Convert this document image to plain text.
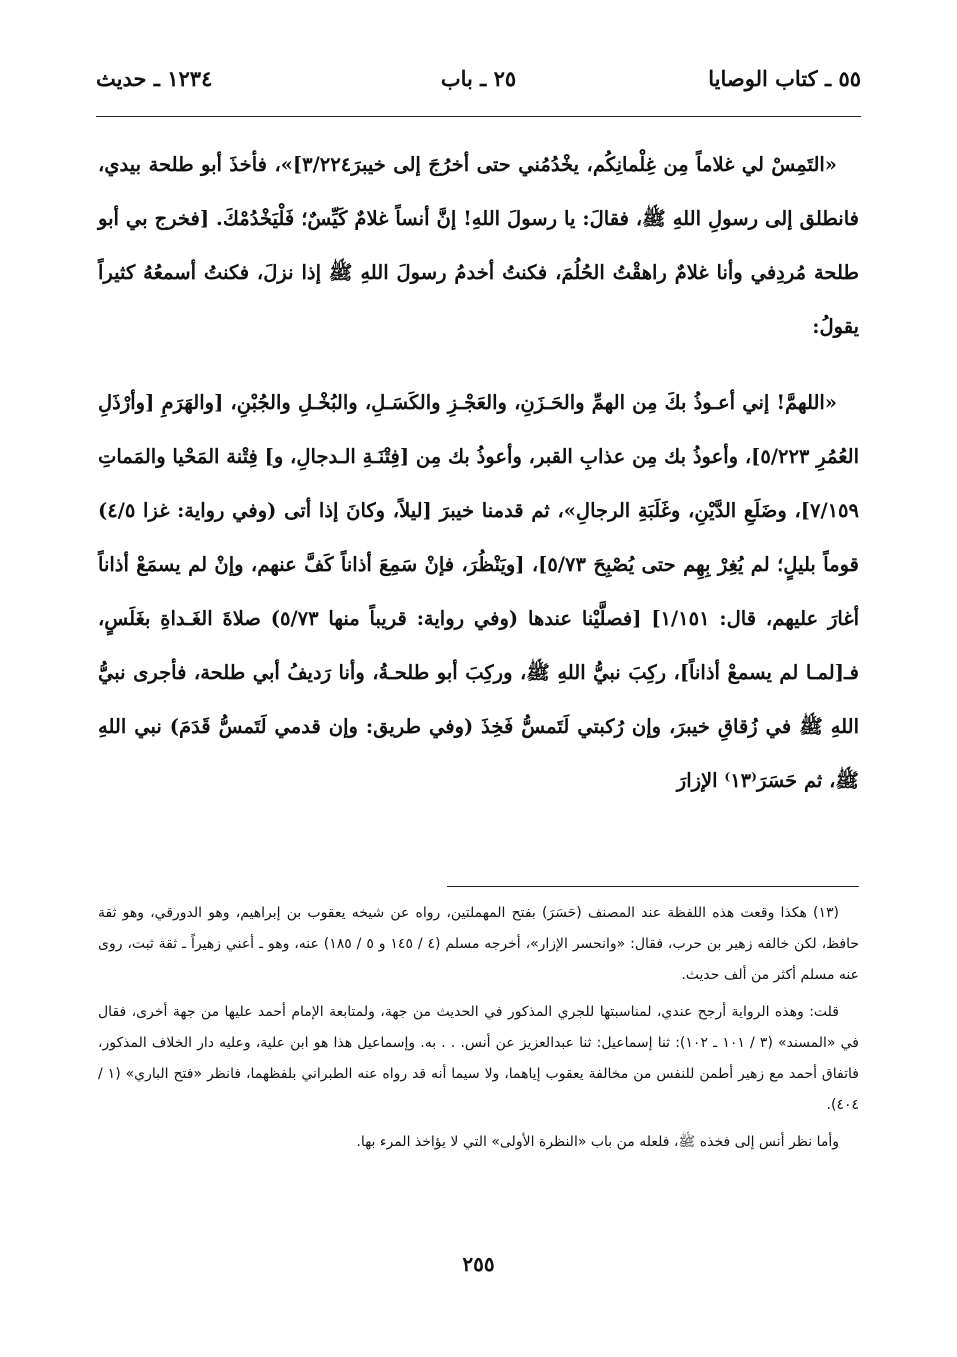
٥٥ ـ كتاب الوصايا
٢٥ ـ باب
١٢٣٤ ـ حديث

«التَمِسْ لي غلاماً مِن غِلْمانِكُم، يخْدُمُني حتى أخرُجَ إلى خيبرَ٣/٢٢٤]»، فأخذَ أبو طلحة بيدي، فانطلق إلى رسولِ اللهِ ﷺ، فقالَ: يا رسولَ اللهِ! إنَّ أنساً غلامٌ كَيِّسٌ؛ فَلْيَخْدُمْكَ. [فخرج بي أبو طلحة مُردِفي وأنا غلامٌ راهقْتُ الحُلُمَ، فكنتُ أخدمُ رسولَ اللهِ ﷺ إذا نزلَ، فكنتُ أسمعُهُ كثيراً يقولُ:

«اللهمَّ! إني أعـوذُ بكَ مِن الهمِّ والحَـزَنِ، والعَجْـزِ والكَسَـلِ، والبُخْـلِ والجُبْنِ، [والهَرَمِ [وأرْذَلِ العُمُرِ ٥/٢٢٣]، وأعوذُ بك مِن عذابِ القبر، وأعوذُ بك مِن [فِتْنَـةِ الـدجالِ، و] فِتْنة المَحْيا والمَماتِ ٧/١٥٩]، وضَلَعِ الدَّيْنِ، وغَلَبَةِ الرجالِ»، ثم قدمنا خيبرَ [ليلاً، وكانَ إذا أتى (وفي رواية: غزا ٤/٥) قوماً بليلٍ؛ لم يُغِرْ بِهِم حتى يُصْبِحَ ٥/٧٣]، [ويَنْظُرَ، فإنْ سَمِعَ أذاناً كَفَّ عنهم، وإنْ لم يسمَعْ أذاناً أغارَ عليهم، قال: ١/١٥١] [فصلَّيْنا عندها (وفي رواية: قريباً منها ٥/٧٣) صلاةَ الغَـداةِ بغَلَسٍ، فـ[لمـا لم يسمعْ أذاناً]، ركِبَ نبيُّ اللهِ ﷺ، وركِبَ أبو طلحـةُ، وأنا رَديفُ أبي طلحة، فأجرى نبيُّ اللهِ ﷺ في زُقاقِ خيبرَ، وإن رُكبتي لَتَمسُّ فَخِذَ (وفي طريق: وإن قدمي لَتَمسُّ قَدَمَ) نبي اللهِ ﷺ، ثم حَسَرَ⁽١٣⁾ الإزارَ

(١٣) هكذا وقعت هذه اللفظة عند المصنف (حَسَرَ) بفتح المهملتين، رواه عن شيخه يعقوب بن إبراهيم، وهو الدورقي، وهو ثقة حافظ، لكن خالفه زهير بن حرب، فقال: «وانحسر الإزار»، أخرجه مسلم (٤ / ١٤٥ و ٥ / ١٨٥) عنه، وهو ـ أعني زهيراً ـ ثقة ثبت، روى عنه مسلم أكثر من ألف حديث.

قلت: وهذه الرواية أرجح عندي، لمناسبتها للجري المذكور في الحديث من جهة، ولمتابعة الإمام أحمد عليها من جهة أخرى، فقال في «المسند» (٣ / ١٠١ ـ ١٠٢): ثنا إسماعيل: ثنا عبدالعزيز عن أنس. . . به. وإسماعيل هذا هو ابن علية، وعليه دار الخلاف المذكور، فاتفاق أحمد مع زهير أطمن للنفس من مخالفة يعقوب إياهما، ولا سيما أنه قد رواه عنه الطبراني بلفظهما، فانظر «فتح الباري» (١ / ٤٠٤).

وأما نظر أنس إلى فخذه ﷺ، فلعله من باب «النظرة الأولى» التي لا يؤاخذ المرء بها.

٢٥٥
